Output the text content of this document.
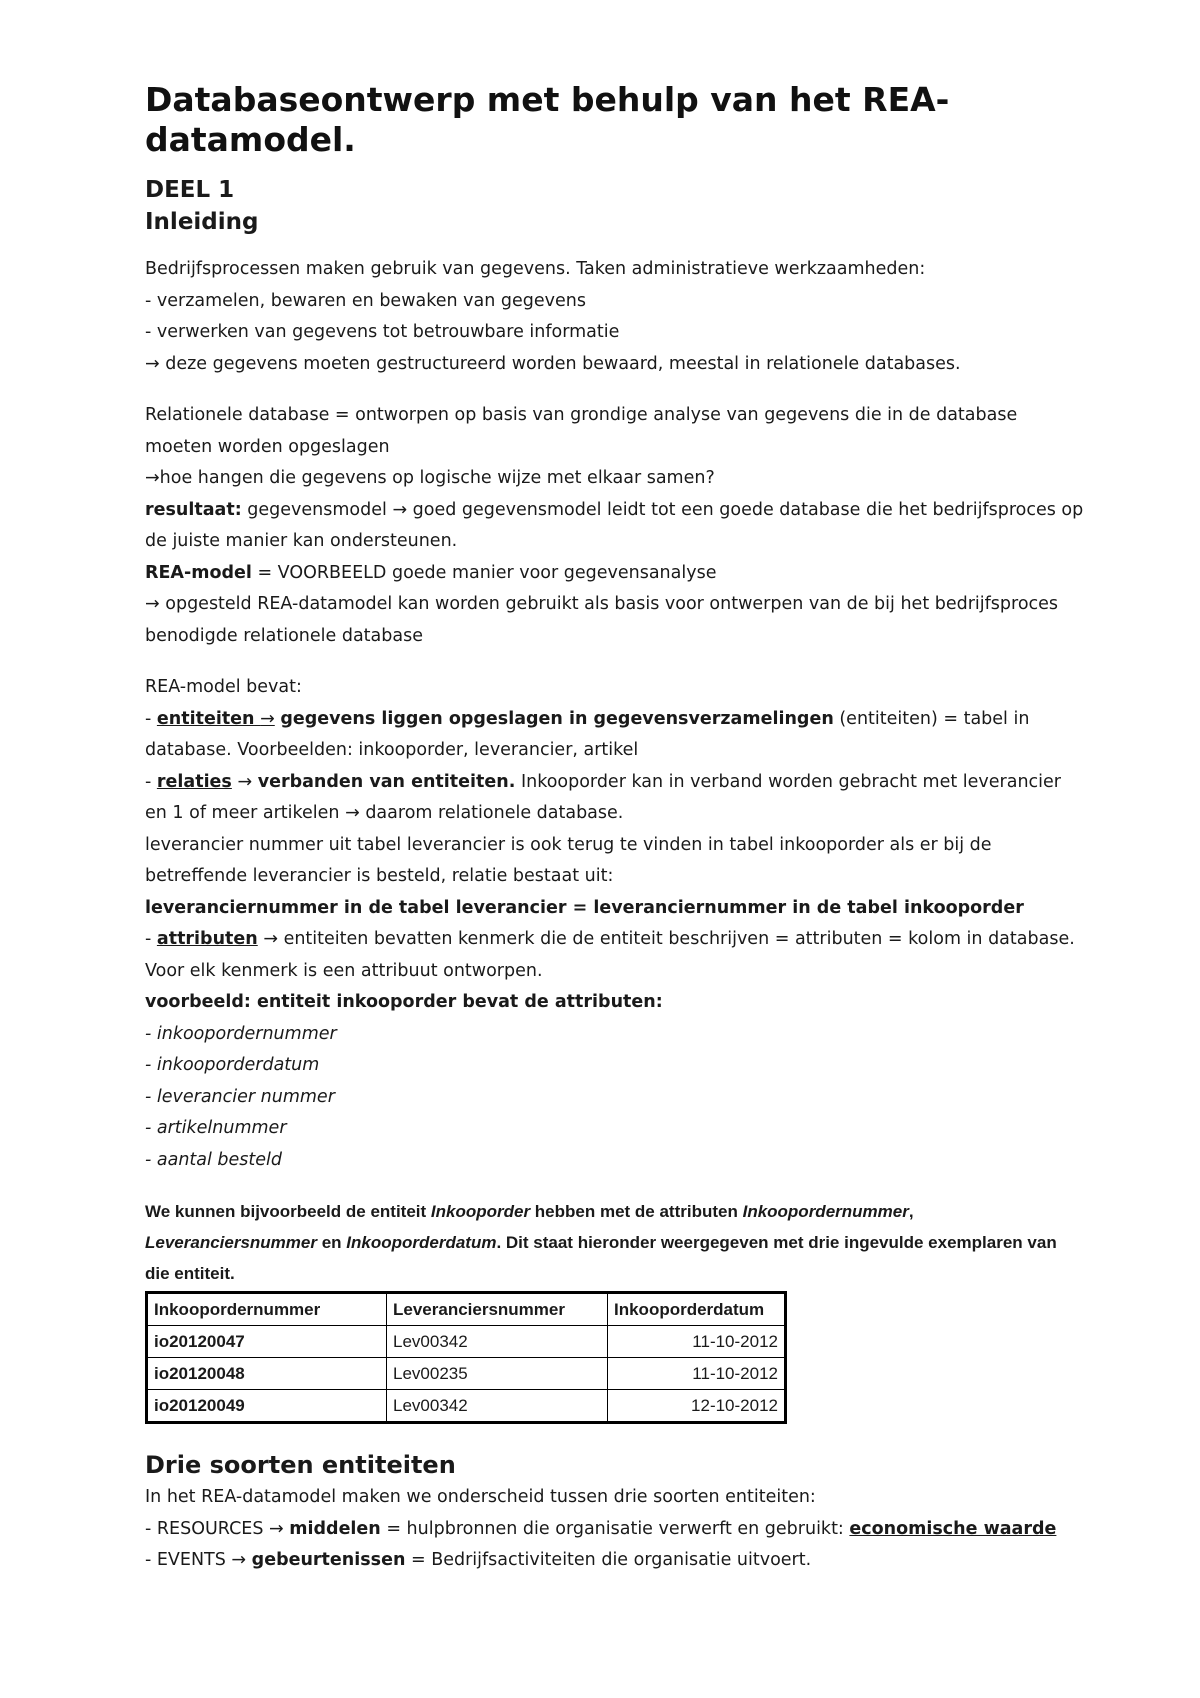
Databaseontwerp met behulp van het REA-datamodel.
DEEL 1
Inleiding

Bedrijfsprocessen maken gebruik van gegevens. Taken administratieve werkzaamheden:

- verzamelen, bewaren en bewaken van gegevens

- verwerken van gegevens tot betrouwbare informatie

→ deze gegevens moeten gestructureerd worden bewaard, meestal in relationele databases.

Relationele database = ontworpen op basis van grondige analyse van gegevens die in de database moeten worden opgeslagen

→hoe hangen die gegevens op logische wijze met elkaar samen?

resultaat: gegevensmodel → goed gegevensmodel leidt tot een goede database die het bedrijfsproces op de juiste manier kan ondersteunen.

REA-model = VOORBEELD goede manier voor gegevensanalyse

→ opgesteld REA-datamodel kan worden gebruikt als basis voor ontwerpen van de bij het bedrijfsproces benodigde relationele database

REA-model bevat:

- entiteiten → gegevens liggen opgeslagen in gegevensverzamelingen (entiteiten) = tabel in database. Voorbeelden: inkooporder, leverancier, artikel

- relaties → verbanden van entiteiten. Inkooporder kan in verband worden gebracht met leverancier en 1 of meer artikelen → daarom relationele database.

leverancier nummer uit tabel leverancier is ook terug te vinden in tabel inkooporder als er bij de betreffende leverancier is besteld, relatie bestaat uit:

leveranciernummer in de tabel leverancier = leveranciernummer in de tabel inkooporder

- attributen → entiteiten bevatten kenmerk die de entiteit beschrijven = attributen = kolom in database. Voor elk kenmerk is een attribuut ontworpen.

voorbeeld: entiteit inkooporder bevat de attributen:

- inkoopordernummer

- inkooporderdatum

- leverancier nummer

- artikelnummer

- aantal besteld

We kunnen bijvoorbeeld de entiteit Inkooporder hebben met de attributen Inkoopordernummer, Leveranciersnummer en Inkooporderdatum. Dit staat hieronder weergegeven met drie ingevulde exemplaren van die entiteit.

Inkoopordernummer	Leveranciersnummer	Inkooporderdatum
io20120047	Lev00342	11-10-2012
io20120048	Lev00235	11-10-2012
io20120049	Lev00342	12-10-2012
Drie soorten entiteiten

In het REA-datamodel maken we onderscheid tussen drie soorten entiteiten:

- RESOURCES → middelen = hulpbronnen die organisatie verwerft en gebruikt: economische waarde

- EVENTS → gebeurtenissen = Bedrijfsactiviteiten die organisatie uitvoert.
